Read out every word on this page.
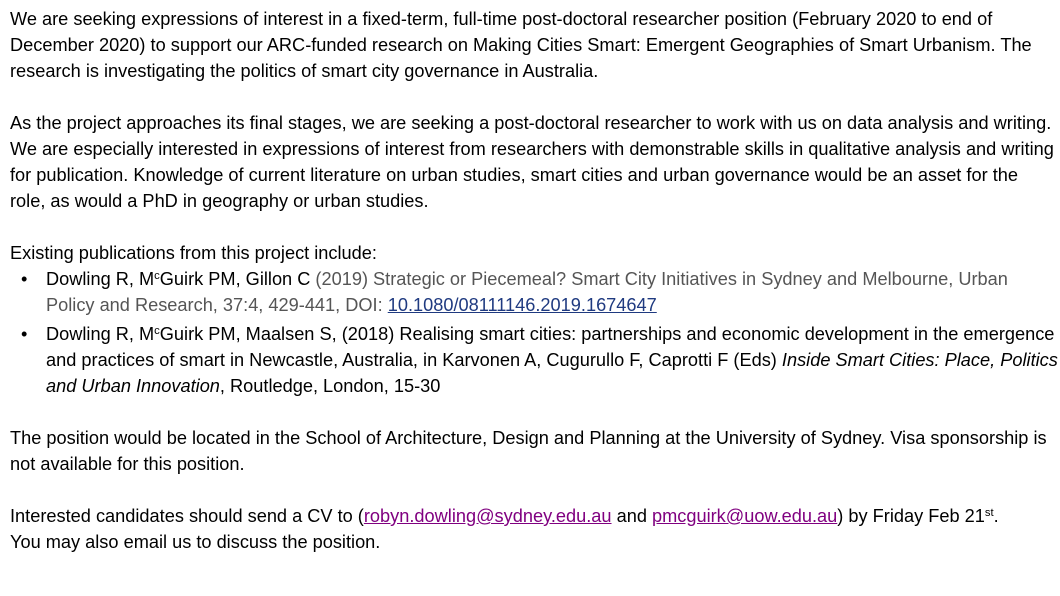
We are seeking expressions of interest in a fixed-term, full-time post-doctoral researcher position (February 2020 to end of December 2020) to support our ARC-funded research on Making Cities Smart: Emergent Geographies of Smart Urbanism. The research is investigating the politics of smart city governance in Australia.

As the project approaches its final stages, we are seeking a post-doctoral researcher to work with us on data analysis and writing. We are especially interested in expressions of interest from researchers with demonstrable skills in qualitative analysis and writing for publication. Knowledge of current literature on urban studies, smart cities and urban governance would be an asset for the role, as would a PhD in geography or urban studies.

Existing publications from this project include:

• Dowling R, $M^cGuirk$ PM, Gillon C (2019) Strategic or Piecemeal? Smart City Initiatives in Sydney and Melbourne, Urban Policy and Research, 37:4, 429-441, DOI: 10.1080/08111146.2019.1674647
• Dowling R, $M^cGuirk$ PM, Maalsen S, (2018) Realising smart cities: partnerships and economic development in the emergence and practices of smart in Newcastle, Australia, in Karvonen A, Cugurullo F, Caprotti F (Eds) Inside Smart Cities: Place, Politics and Urban Innovation, Routledge, London, 15-30

The position would be located in the School of Architecture, Design and Planning at the University of Sydney. Visa sponsorship is not available for this position.

Interested candidates should send a CV to (robyn.dowling@sydney.edu.au and pmcguirk@uow.edu.au) by Friday Feb 21st.
You may also email us to discuss the position.
